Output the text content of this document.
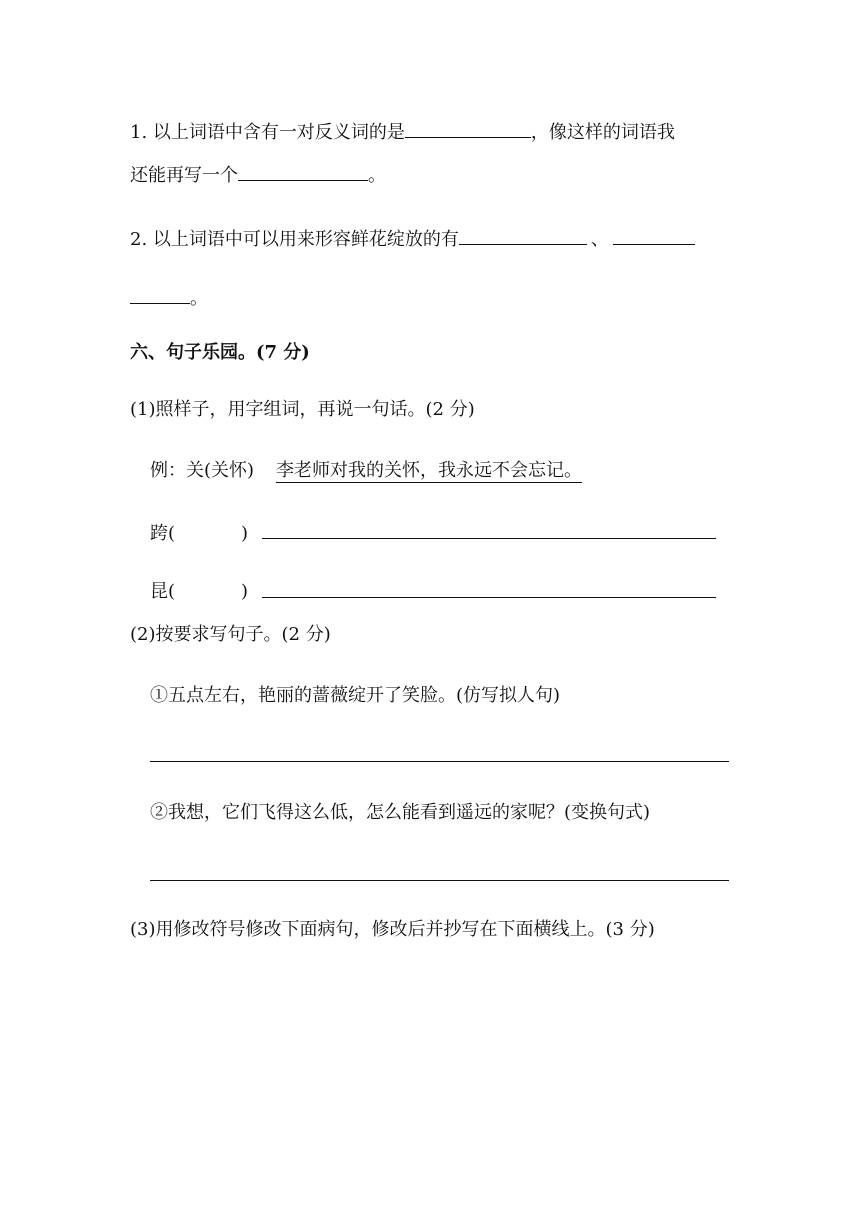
1. 以上词语中含有一对反义词的是	，像这样的词语我
还能再写一个	。
2. 以上词语中可以用来形容鲜花绽放的有	、
。
六、句子乐园。(7 分)
(1)照样子，用字组词，再说一句话。(2 分)
例：关(关怀) 李老师对我的关怀，我永远不会忘记。
跨(	)
昆(	)
(2)按要求写句子。(2 分)
①五点左右，艳丽的蔷薇绽开了笑脸。(仿写拟人句)
②我想，它们飞得这么低，怎么能看到遥远的家呢？(变换句式)
(3)用修改符号修改下面病句，修改后并抄写在下面横线上。(3 分)
